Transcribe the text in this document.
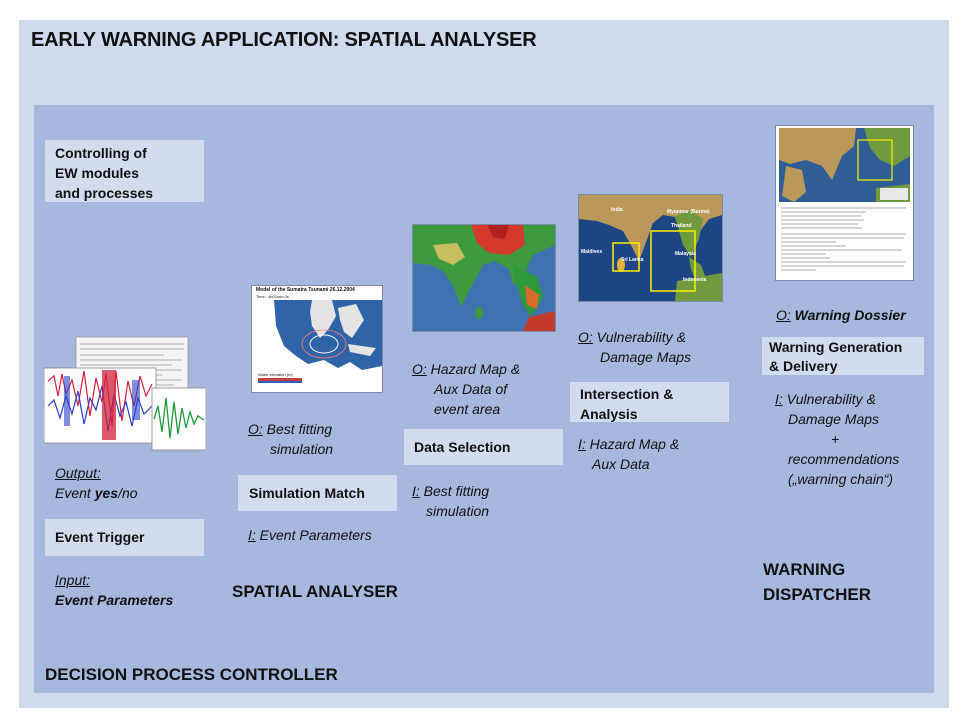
EARLY WARNING APPLICATION: SPATIAL ANALYSER
DECISION PROCESS CONTROLLER
SPATIAL ANALYSER
WARNING
DISPATCHER
Controlling of
EW modules
and processes
Output:
Event yes/no
Event Trigger
Input:
Event Parameters
Model of the Sumatra Tsunami 26.12.2004
Time : 4h01min 0s
Water elevation (m)
O: Best fitting
simulation
Simulation Match
I: Event Parameters
O: Hazard Map &
Aux Data of
event area
Data Selection
I: Best fitting
simulation
India	Myanmar (Burma)
Thailand
Maldives
Sri Lanka
Malaysia
Indonesia
O: Vulnerability &
Damage Maps
Intersection &
Analysis
I: Hazard Map &
Aux Data
O: Warning Dossier
Warning Generation
& Delivery
I: Vulnerability &
Damage Maps
+
recommendations
(„warning chain“)
